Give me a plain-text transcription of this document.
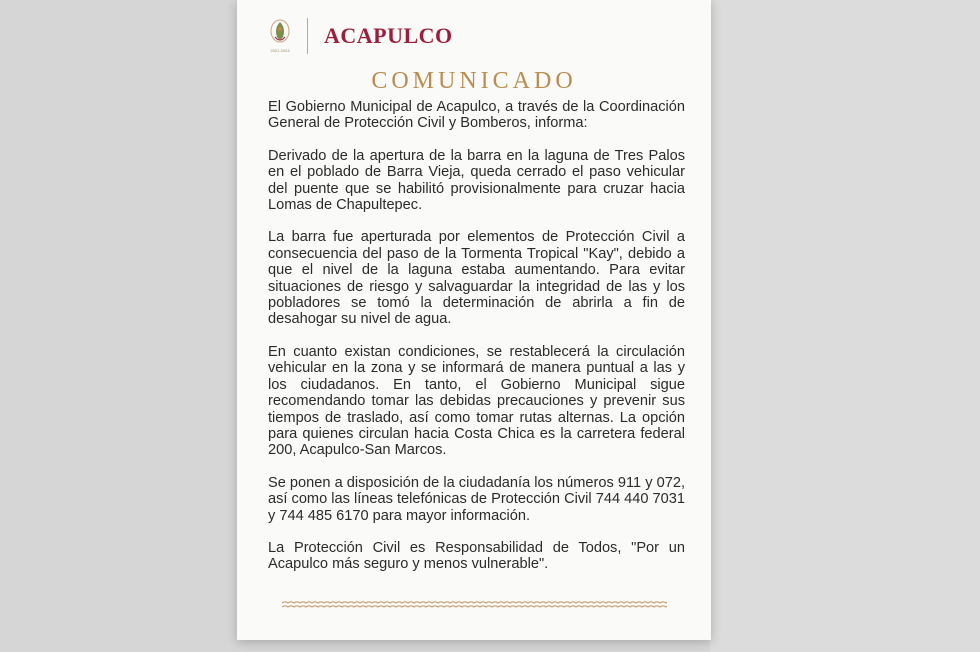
2021-2024
ACAPULCO
COMUNICADO

El Gobierno Municipal de Acapulco, a través de la Coordinación General de Protección Civil y Bomberos, informa:

Derivado de la apertura de la barra en la laguna de Tres Palos en el poblado de Barra Vieja, queda cerrado el paso vehicular del puente que se habilitó provisionalmente para cruzar hacia Lomas de Chapultepec.

La barra fue aperturada por elementos de Protección Civil a consecuencia del paso de la Tormenta Tropical "Kay", debido a que el nivel de la laguna estaba aumentando. Para evitar situaciones de riesgo y salvaguardar la integridad de las y los pobladores se tomó la determinación de abrirla a fin de desahogar su nivel de agua.

En cuanto existan condiciones, se restablecerá la circulación vehicular en la zona y se informará de manera puntual a las y los ciudadanos. En tanto, el Gobierno Municipal sigue recomendando tomar las debidas precauciones y prevenir sus tiempos de traslado, así como tomar rutas alternas. La opción para quienes circulan hacia Costa Chica es la carretera federal 200, Acapulco-San Marcos.

Se ponen a disposición de la ciudadanía los números 911 y 072, así como las líneas telefónicas de Protección Civil 744 440 7031 y 744 485 6170 para mayor información.

La Protección Civil es Responsabilidad de Todos, "Por un Acapulco más seguro y menos vulnerable".
